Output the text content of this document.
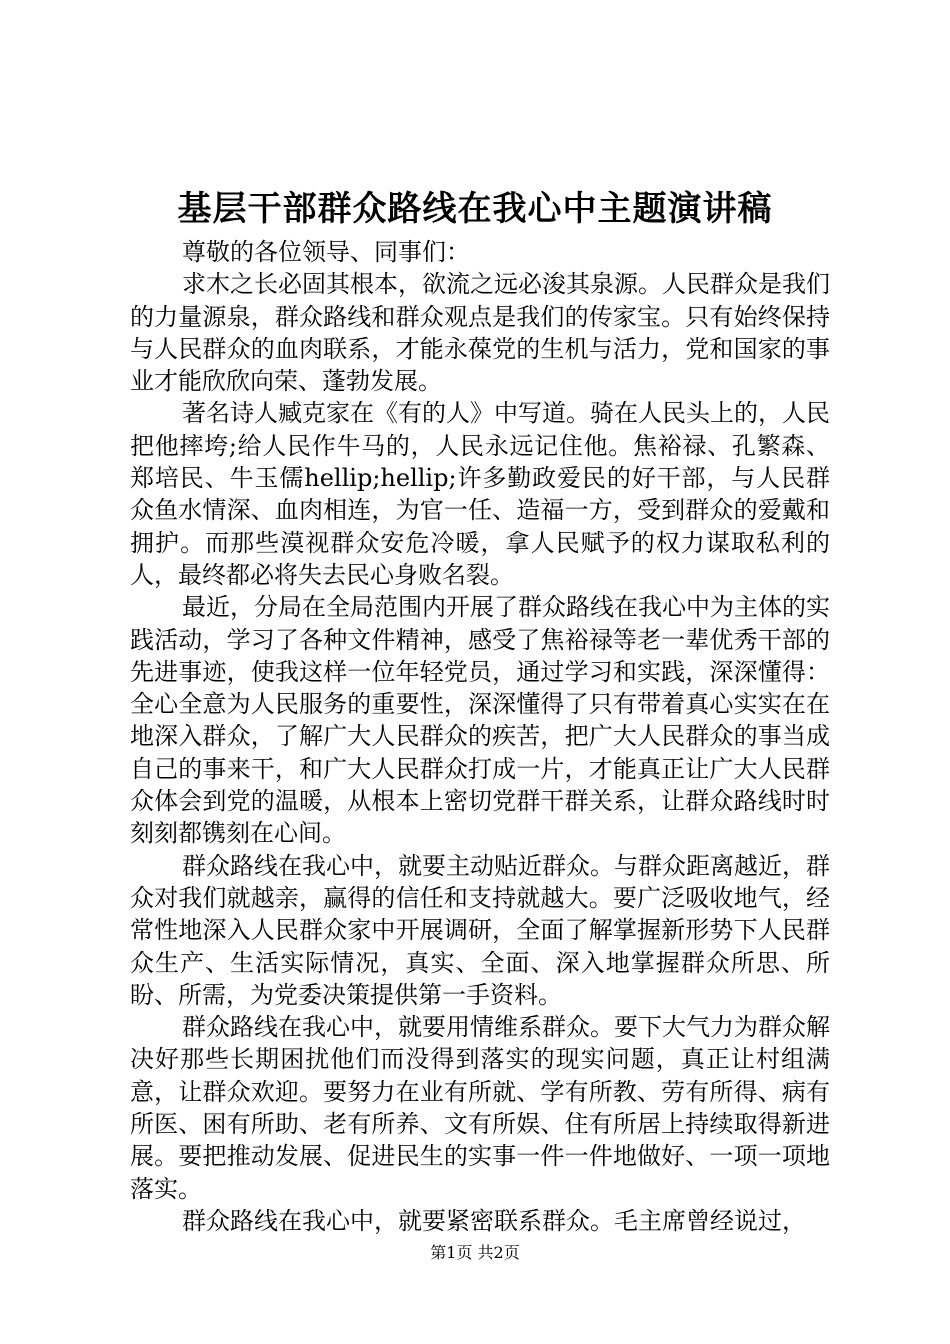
基层干部群众路线在我心中主题演讲稿

尊敬的各位领导、同事们：

求木之长必固其根本，欲流之远必浚其泉源。人民群众是我们的力量源泉，群众路线和群众观点是我们的传家宝。只有始终保持与人民群众的血肉联系，才能永葆党的生机与活力，党和国家的事业才能欣欣向荣、蓬勃发展。

著名诗人臧克家在《有的人》中写道。骑在人民头上的，人民把他摔垮;给人民作牛马的，人民永远记住他。焦裕禄、孔繁森、郑培民、牛玉儒hellip;hellip;许多勤政爱民的好干部，与人民群众鱼水情深、血肉相连，为官一任、造福一方，受到群众的爱戴和拥护。而那些漠视群众安危冷暖，拿人民赋予的权力谋取私利的人，最终都必将失去民心身败名裂。

最近，分局在全局范围内开展了群众路线在我心中为主体的实践活动，学习了各种文件精神，感受了焦裕禄等老一辈优秀干部的先进事迹，使我这样一位年轻党员，通过学习和实践，深深懂得：全心全意为人民服务的重要性，深深懂得了只有带着真心实实在在地深入群众，了解广大人民群众的疾苦，把广大人民群众的事当成自己的事来干，和广大人民群众打成一片，才能真正让广大人民群众体会到党的温暖，从根本上密切党群干群关系，让群众路线时时刻刻都镌刻在心间。

群众路线在我心中，就要主动贴近群众。与群众距离越近，群众对我们就越亲，赢得的信任和支持就越大。要广泛吸收地气，经常性地深入人民群众家中开展调研，全面了解掌握新形势下人民群众生产、生活实际情况，真实、全面、深入地掌握群众所思、所盼、所需，为党委决策提供第一手资料。

群众路线在我心中，就要用情维系群众。要下大气力为群众解决好那些长期困扰他们而没得到落实的现实问题，真正让村组满意，让群众欢迎。要努力在业有所就、学有所教、劳有所得、病有所医、困有所助、老有所养、文有所娱、住有所居上持续取得新进展。要把推动发展、促进民生的实事一件一件地做好、一项一项地落实。

群众路线在我心中，就要紧密联系群众。毛主席曾经说过，

第1页 共2页
